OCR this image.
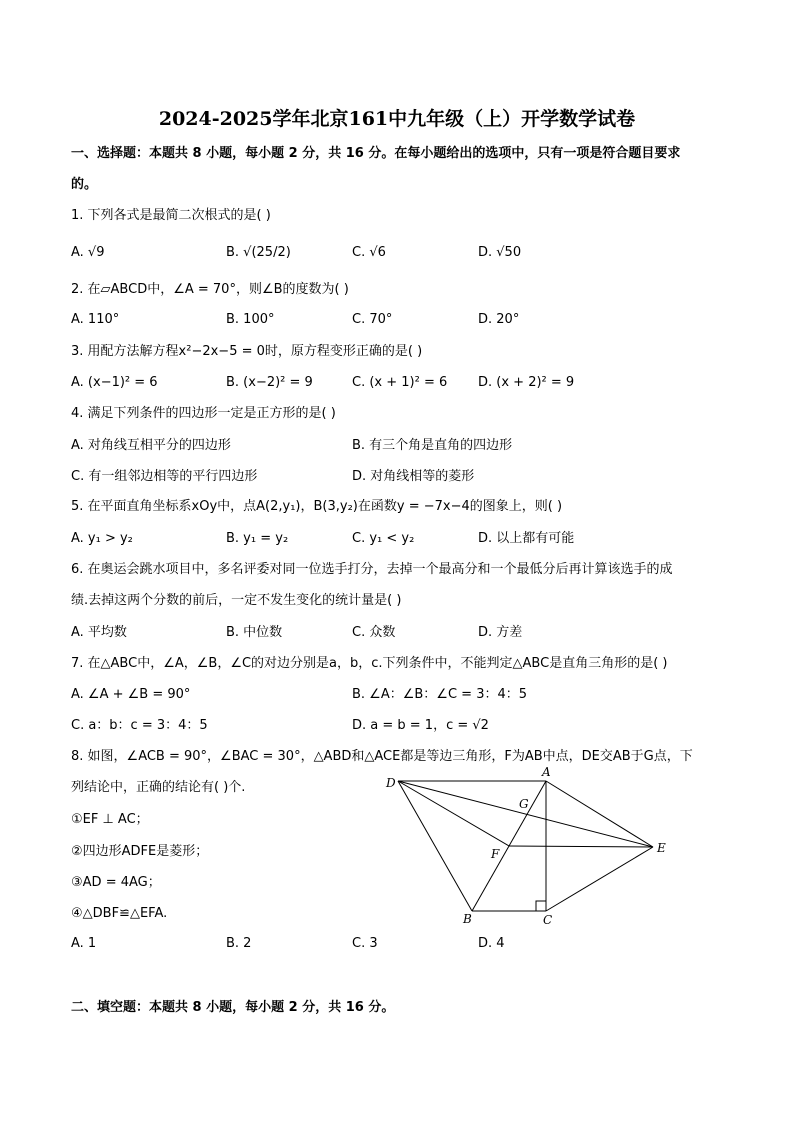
2024-2025学年北京161中九年级（上）开学数学试卷
一、选择题：本题共 8 小题，每小题 2 分，共 16 分。在每小题给出的选项中，只有一项是符合题目要求
的。
1. 下列各式是最简二次根式的是( )
A. √9	B. √(25/2)	C. √6	D. √50
2. 在▱ABCD中，∠A = 70°，则∠B的度数为( )
A. 110°	B. 100°	C. 70°	D. 20°
3. 用配方法解方程x²−2x−5 = 0时，原方程变形正确的是( )
A. (x−1)² = 6	B. (x−2)² = 9	C. (x + 1)² = 6 D. (x + 2)² = 9
4. 满足下列条件的四边形一定是正方形的是( )
A. 对角线互相平分的四边形	B. 有三个角是直角的四边形
C. 有一组邻边相等的平行四边形	D. 对角线相等的菱形
5. 在平面直角坐标系xOy中，点A(2,y₁)，B(3,y₂)在函数y = −7x−4的图象上，则( )
A. y₁ > y₂	B. y₁ = y₂	C. y₁ < y₂	D. 以上都有可能
6. 在奥运会跳水项目中，多名评委对同一位选手打分，去掉一个最高分和一个最低分后再计算该选手的成
绩.去掉这两个分数的前后，一定不发生变化的统计量是( )
A. 平均数	B. 中位数	C. 众数	D. 方差
7. 在△ABC中，∠A，∠B，∠C的对边分别是a，b，c.下列条件中，不能判定△ABC是直角三角形的是( )
A. ∠A + ∠B = 90°	B. ∠A：∠B：∠C = 3：4：5
C. a：b：c = 3：4：5	D. a = b = 1，c = √2
8. 如图，∠ACB = 90°，∠BAC = 30°，△ABD和△ACE都是等边三角形，F为AB中点，DE交AB于G点，下
列结论中，正确的结论有( )个.
①EF ⊥ AC；
②四边形ADFE是菱形；
③AD = 4AG；
④△DBF≌△EFA.
A. 1	B. 2	C. 3	D. 4
D
A
G
F	E
B	C
二、填空题：本题共 8 小题，每小题 2 分，共 16 分。
